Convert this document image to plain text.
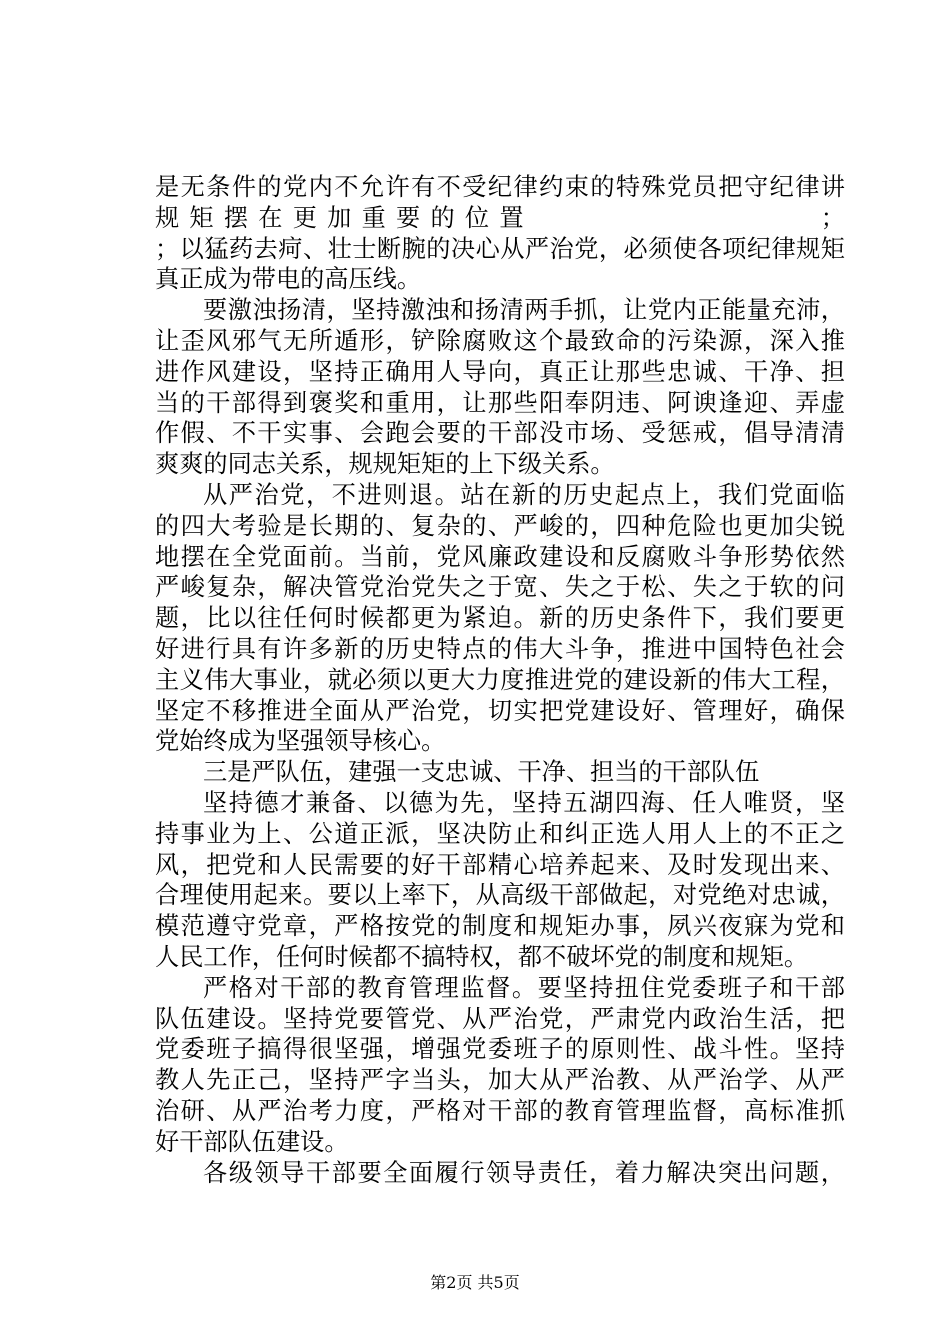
是无条件的党内不允许有不受纪律约束的特殊党员把守纪律讲
规矩摆在更加重要的位置                ；
；以猛药去疴、壮士断腕的决心从严治党，必须使各项纪律规矩
真正成为带电的高压线。
要激浊扬清，坚持激浊和扬清两手抓，让党内正能量充沛，
让歪风邪气无所遁形，铲除腐败这个最致命的污染源，深入推
进作风建设，坚持正确用人导向，真正让那些忠诚、干净、担
当的干部得到褒奖和重用，让那些阳奉阴违、阿谀逢迎、弄虚
作假、不干实事、会跑会要的干部没市场、受惩戒，倡导清清
爽爽的同志关系，规规矩矩的上下级关系。
从严治党，不进则退。站在新的历史起点上，我们党面临
的四大考验是长期的、复杂的、严峻的，四种危险也更加尖锐
地摆在全党面前。当前，党风廉政建设和反腐败斗争形势依然
严峻复杂，解决管党治党失之于宽、失之于松、失之于软的问
题，比以往任何时候都更为紧迫。新的历史条件下，我们要更
好进行具有许多新的历史特点的伟大斗争，推进中国特色社会
主义伟大事业，就必须以更大力度推进党的建设新的伟大工程，
坚定不移推进全面从严治党，切实把党建设好、管理好，确保
党始终成为坚强领导核心。
三是严队伍，建强一支忠诚、干净、担当的干部队伍
坚持德才兼备、以德为先，坚持五湖四海、任人唯贤，坚
持事业为上、公道正派，坚决防止和纠正选人用人上的不正之
风，把党和人民需要的好干部精心培养起来、及时发现出来、
合理使用起来。要以上率下，从高级干部做起，对党绝对忠诚，
模范遵守党章，严格按党的制度和规矩办事，夙兴夜寐为党和
人民工作，任何时候都不搞特权，都不破坏党的制度和规矩。
严格对干部的教育管理监督。要坚持扭住党委班子和干部
队伍建设。坚持党要管党、从严治党，严肃党内政治生活，把
党委班子搞得很坚强，增强党委班子的原则性、战斗性。坚持
教人先正己，坚持严字当头，加大从严治教、从严治学、从严
治研、从严治考力度，严格对干部的教育管理监督，高标准抓
好干部队伍建设。
各级领导干部要全面履行领导责任，着力解决突出问题，
第2页 共5页
